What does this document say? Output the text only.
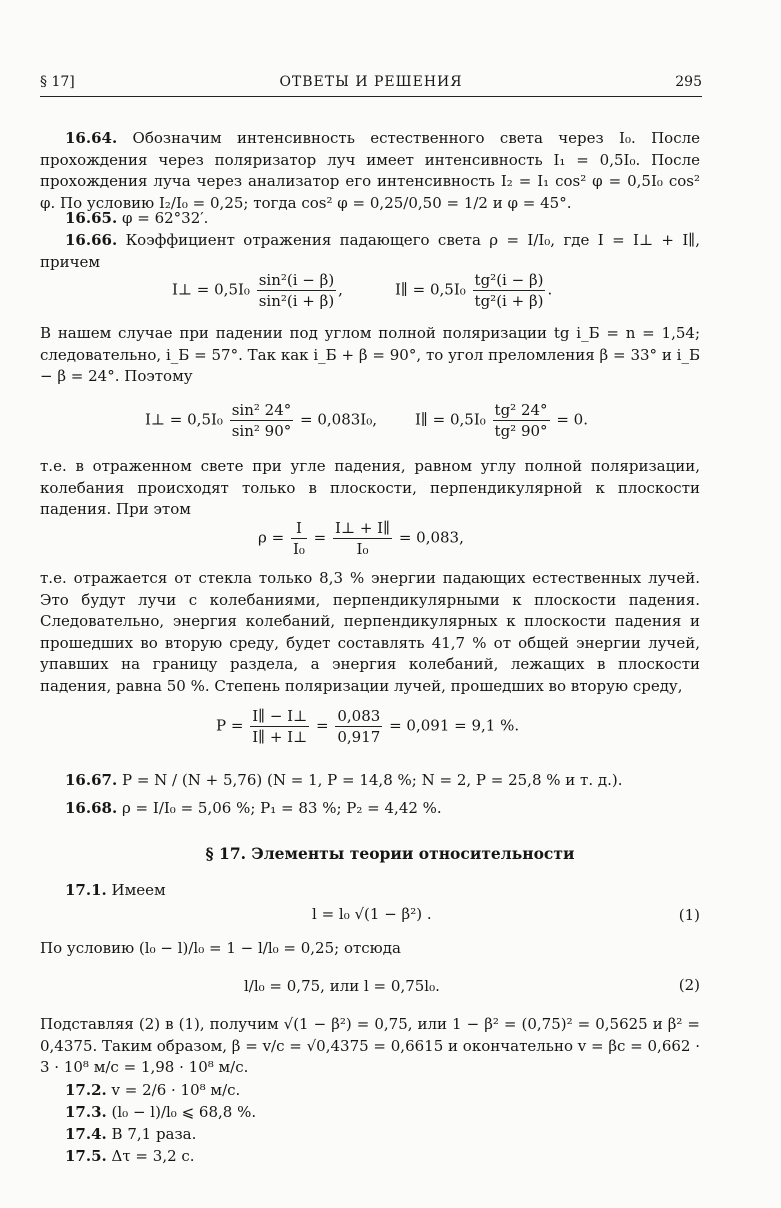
§ 17]	ОТВЕТЫ И РЕШЕНИЯ	295
16.64. Обозначим интенсивность естественного света через I₀. После прохождения через поляризатор луч имеет интенсивность I₁ = 0,5I₀. После прохождения луча через анализатор его интенсивность I₂ = I₁ cos² φ = 0,5I₀ cos² φ. По условию I₂/I₀ = 0,25; тогда cos² φ = 0,25/0,50 = 1/2 и φ = 45°.
16.65. φ = 62°32′.
16.66. Коэффициент отражения падающего света ρ = I/I₀, где I = I⊥ + I∥, причем
I⊥ = $0,5I_0 \frac{\text{sin²(i − β)}}{\text{sin²(i + β)}}$ ,	I∥ = $0,5I_0 \frac{\text{tg²(i − β)}}{\text{tg²(i + β)}}$ .
В нашем случае при падении под углом полной поляризации tg i_Б = n = 1,54; следовательно, i_Б = 57°. Так как i_Б + β = 90°, то угол преломления β = 33° и i_Б − β = 24°. Поэтому
I⊥ = $0,5I_0 \frac{\text{sin² 24°}}{\text{sin² 90°}} = 0,083I_0$,	I∥ = $0,5I_0 \frac{\text{tg² 24°}}{\text{tg² 90°}} = 0$.
т.е. в отраженном свете при угле падения, равном углу полной поляризации, колебания происходят только в плоскости, перпендикулярной к плоскости падения. При этом
$\rho = \frac{I}{\text{I₀}} = \frac{I\perp + I\parallel}{\text{I₀}} = 0,083$,
т.е. отражается от стекла только 8,3 % энергии падающих естественных лучей. Это будут лучи с колебаниями, перпендикулярными к плоскости падения. Следовательно, энергия колебаний, перпендикулярных к плоскости падения и прошедших во вторую среду, будет составлять 41,7 % от общей энергии лучей, упавших на границу раздела, а энергия колебаний, лежащих в плоскости падения, равна 50 %. Степень поляризации лучей, прошедших во вторую среду,
$P = \frac{I\parallel - I\perp}{I\parallel + I\perp} = \frac{0,083}{0,917} = 0,091 = 9,1$ %.
16.67. P = N / (N + 5,76) (N = 1, P = 14,8 %; N = 2, P = 25,8 % и т. д.).
16.68. ρ = I/I₀ = 5,06 %; P₁ = 83 %; P₂ = 4,42 %.
§ 17. Элементы теории относительности
17.1. Имеем
l = l₀ √(1 − β²) .	(1)
По условию (l₀ − l)/l₀ = 1 − l/l₀ = 0,25; отсюда
l/l₀ = 0,75, или l = 0,75l₀.	(2)
Подставляя (2) в (1), получим √(1 − β²) = 0,75, или 1 − β² = (0,75)² = 0,5625 и β² = 0,4375. Таким образом, β = v/c = √0,4375 = 0,6615 и окончательно v = βc = 0,662 · 3 · 10⁸ м/с = 1,98 · 10⁸ м/с.
17.2. v = 2/6 · 10⁸ м/с.
17.3. (l₀ − l)/l₀ ⩽ 68,8 %.
17.4. В 7,1 раза.
17.5. Δτ = 3,2 с.
